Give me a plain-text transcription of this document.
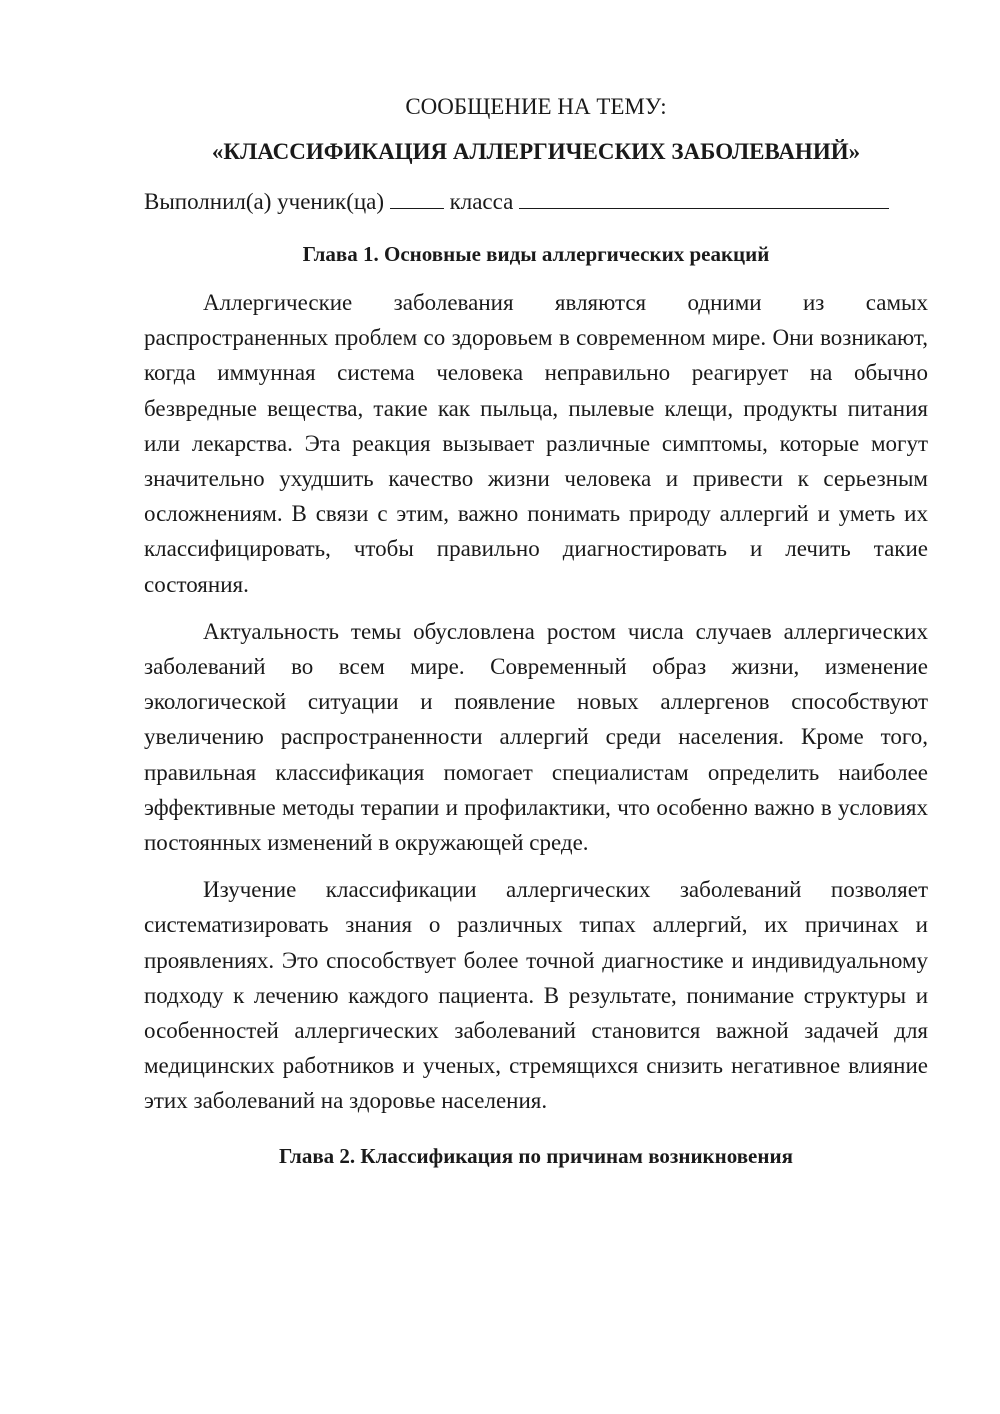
СООБЩЕНИЕ НА ТЕМУ:

«КЛАССИФИКАЦИЯ АЛЛЕРГИЧЕСКИХ ЗАБОЛЕВАНИЙ»

Выполнил(а) ученик(ца)	класса
Глава 1. Основные виды аллергических реакций

Аллергические заболевания являются одними из самых распространенных проблем со здоровьем в современном мире. Они возникают, когда иммунная система человека неправильно реагирует на обычно безвредные вещества, такие как пыльца, пылевые клещи, продукты питания или лекарства. Эта реакция вызывает различные симптомы, которые могут значительно ухудшить качество жизни человека и привести к серьезным осложнениям. В связи с этим, важно понимать природу аллергий и уметь их классифицировать, чтобы правильно диагностировать и лечить такие состояния.

Актуальность темы обусловлена ростом числа случаев аллергических заболеваний во всем мире. Современный образ жизни, изменение экологической ситуации и появление новых аллергенов способствуют увеличению распространенности аллергий среди населения. Кроме того, правильная классификация помогает специалистам определить наиболее эффективные методы терапии и профилактики, что особенно важно в условиях постоянных изменений в окружающей среде.

Изучение классификации аллергических заболеваний позволяет систематизировать знания о различных типах аллергий, их причинах и проявлениях. Это способствует более точной диагностике и индивидуальному подходу к лечению каждого пациента. В результате, понимание структуры и особенностей аллергических заболеваний становится важной задачей для медицинских работников и ученых, стремящихся снизить негативное влияние этих заболеваний на здоровье населения.

Глава 2. Классификация по причинам возникновения
